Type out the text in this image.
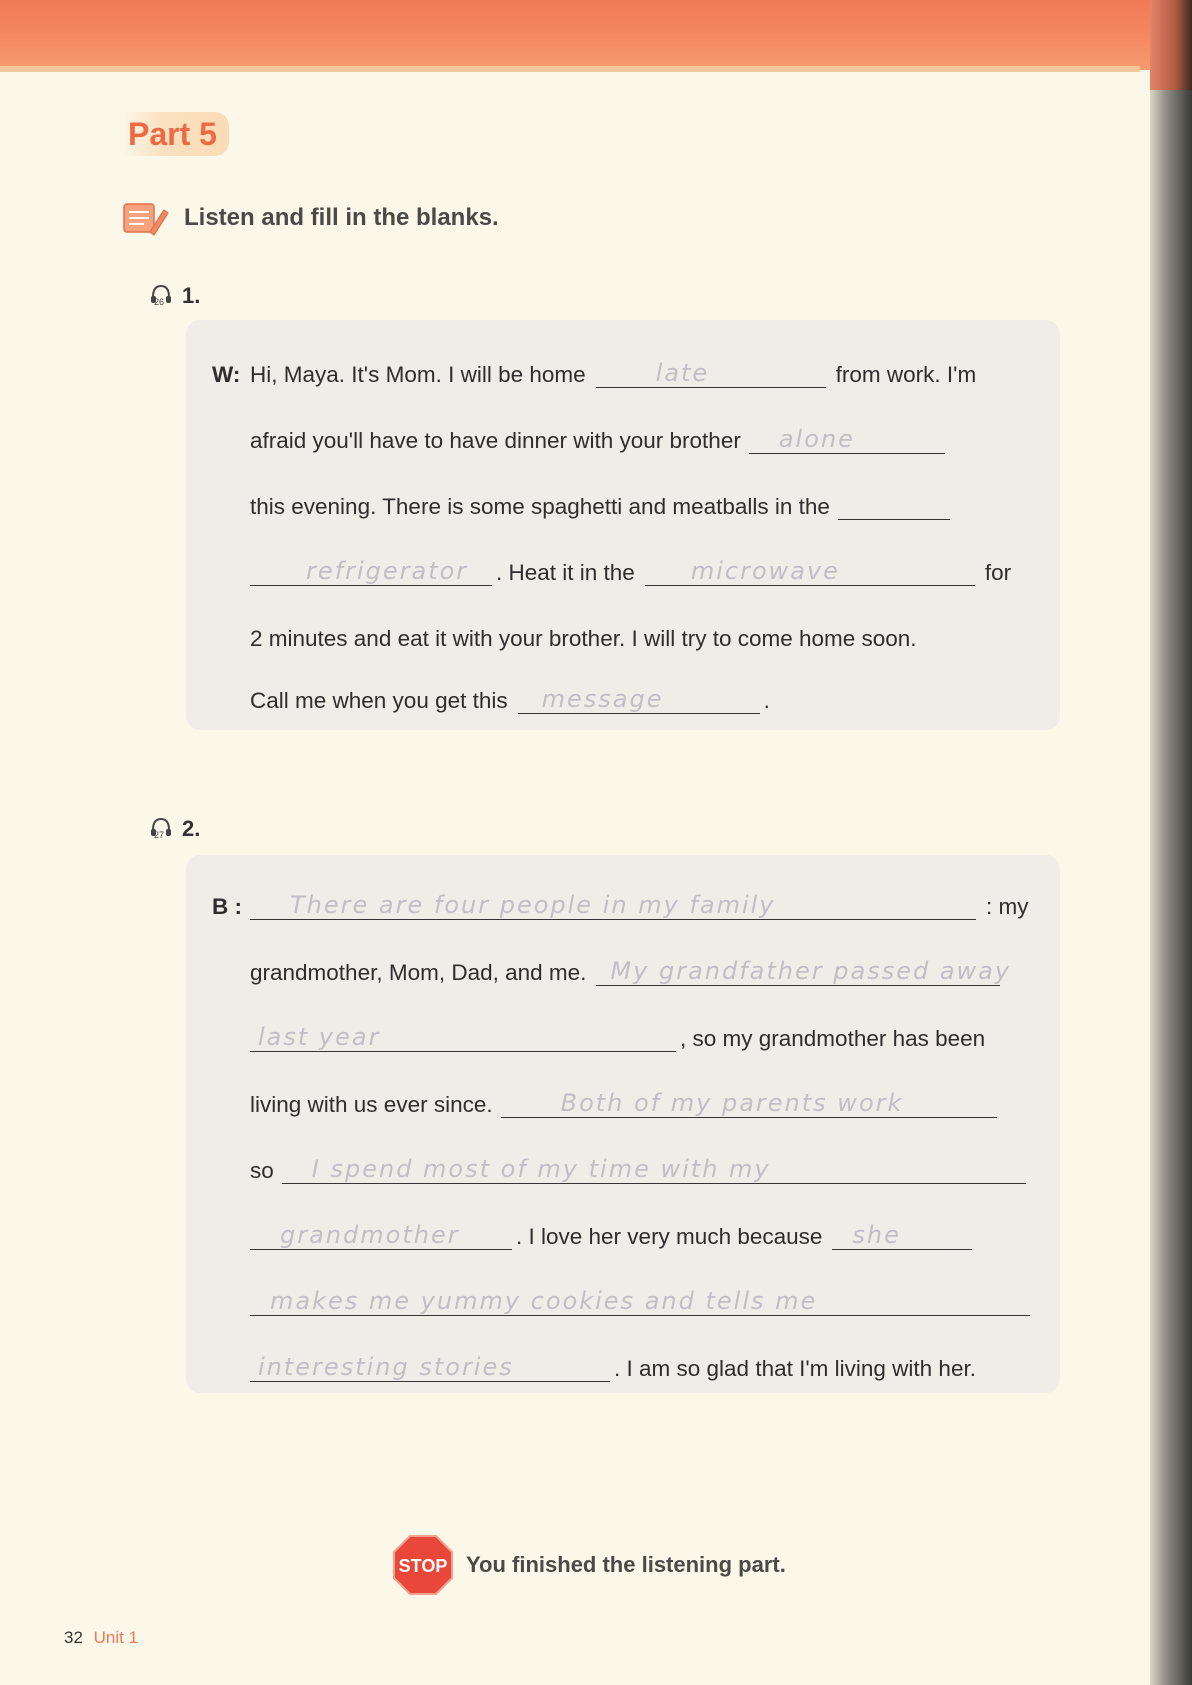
Part 5
Listen and fill in the blanks.
26 1.
W: Hi, Maya. It's Mom. I will be home	late	from work. I'm
afraid you'll have to have dinner with your brother alone
this evening. There is some spaghetti and meatballs in the
refrigerator . Heat it in the microwave	for
2 minutes and eat it with your brother. I will try to come home soon.
Call me when you get this message	.
27 2.
B : There are four people in my family	: my
grandmother, Mom, Dad, and me. My grandfather passed away
last year	, so my grandmother has been
living with us ever since.	Both of my parents work
so I spend most of my time with my
grandmother	. I love her very much because she
makes me yummy cookies and tells me
interesting stories	. I am so glad that I'm living with her.
STOP You finished the listening part.
32 Unit 1
